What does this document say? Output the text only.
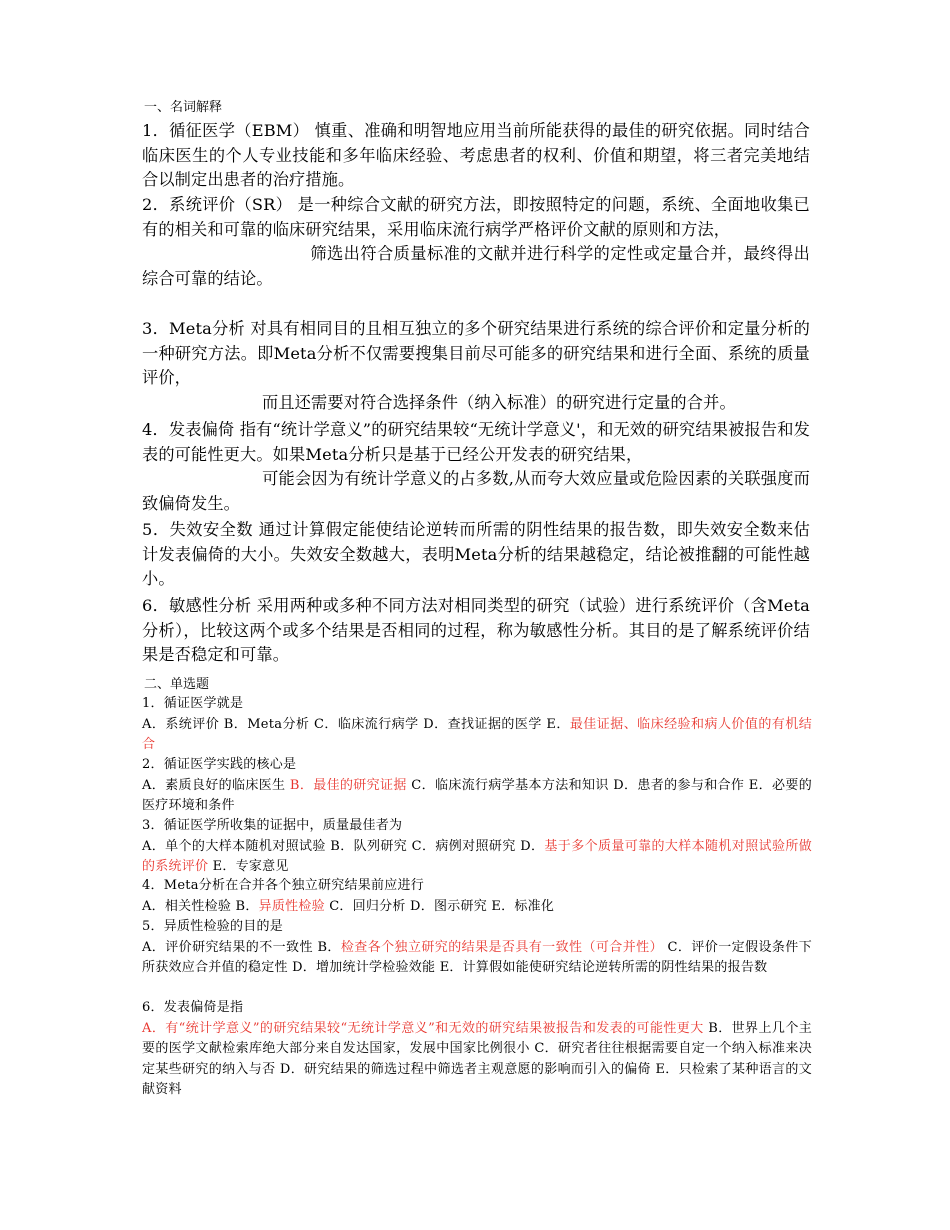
一、名词解释
1．循征医学（EBM） 慎重、准确和明智地应用当前所能获得的最佳的研究依据。同时结合临床医生的个人专业技能和多年临床经验、考虑患者的权利、价值和期望，将三者完美地结合以制定出患者的治疗措施。
2．系统评价（SR） 是一种综合文献的研究方法，即按照特定的问题，系统、全面地收集已有的相关和可靠的临床研究结果，采用临床流行病学严格评价文献的原则和方法，
筛选出符合质量标准的文献并进行科学的定性或定量合并，最终得出综合可靠的结论。
3．Meta分析 对具有相同目的且相互独立的多个研究结果进行系统的综合评价和定量分析的一种研究方法。即Meta分析不仅需要搜集目前尽可能多的研究结果和进行全面、系统的质量评价，
而且还需要对符合选择条件（纳入标准）的研究进行定量的合并。
4．发表偏倚 指有“统计学意义”的研究结果较“无统计学意义'，和无效的研究结果被报告和发表的可能性更大。如果Meta分析只是基于已经公开发表的研究结果，
可能会因为有统计学意义的占多数,从而夸大效应量或危险因素的关联强度而致偏倚发生。
5．失效安全数 通过计算假定能使结论逆转而所需的阴性结果的报告数，即失效安全数来估计发表偏倚的大小。失效安全数越大，表明Meta分析的结果越稳定，结论被推翻的可能性越小。
6．敏感性分析 采用两种或多种不同方法对相同类型的研究（试验）进行系统评价（含Meta分析），比较这两个或多个结果是否相同的过程，称为敏感性分析。其目的是了解系统评价结果是否稳定和可靠。
二、单选题
1．循证医学就是
A．系统评价 B．Meta分析 C．临床流行病学 D．查找证据的医学 E．最佳证据、临床经验和病人价值的有机结合
2．循证医学实践的核心是
A．素质良好的临床医生 B．最佳的研究证据 C．临床流行病学基本方法和知识 D．患者的参与和合作 E．必要的医疗环境和条件
3．循证医学所收集的证据中，质量最佳者为
A．单个的大样本随机对照试验 B．队列研究 C．病例对照研究 D．基于多个质量可靠的大样本随机对照试验所做的系统评价 E．专家意见
4．Meta分析在合并各个独立研究结果前应进行
A．相关性检验 B．异质性检验 C．回归分析 D．图示研究 E．标准化
5．异质性检验的目的是
A．评价研究结果的不一致性 B．检查各个独立研究的结果是否具有一致性（可合并性） C．评价一定假设条件下所获效应合并值的稳定性 D．增加统计学检验效能 E．计算假如能使研究结论逆转所需的阴性结果的报告数
6．发表偏倚是指
A．有“统计学意义”的研究结果较“无统计学意义”和无效的研究结果被报告和发表的可能性更大 B．世界上几个主要的医学文献检索库绝大部分来自发达国家，发展中国家比例很小 C．研究者往往根据需要自定一个纳入标准来决定某些研究的纳入与否 D．研究结果的筛选过程中筛选者主观意愿的影响而引入的偏倚 E．只检索了某种语言的文献资料
